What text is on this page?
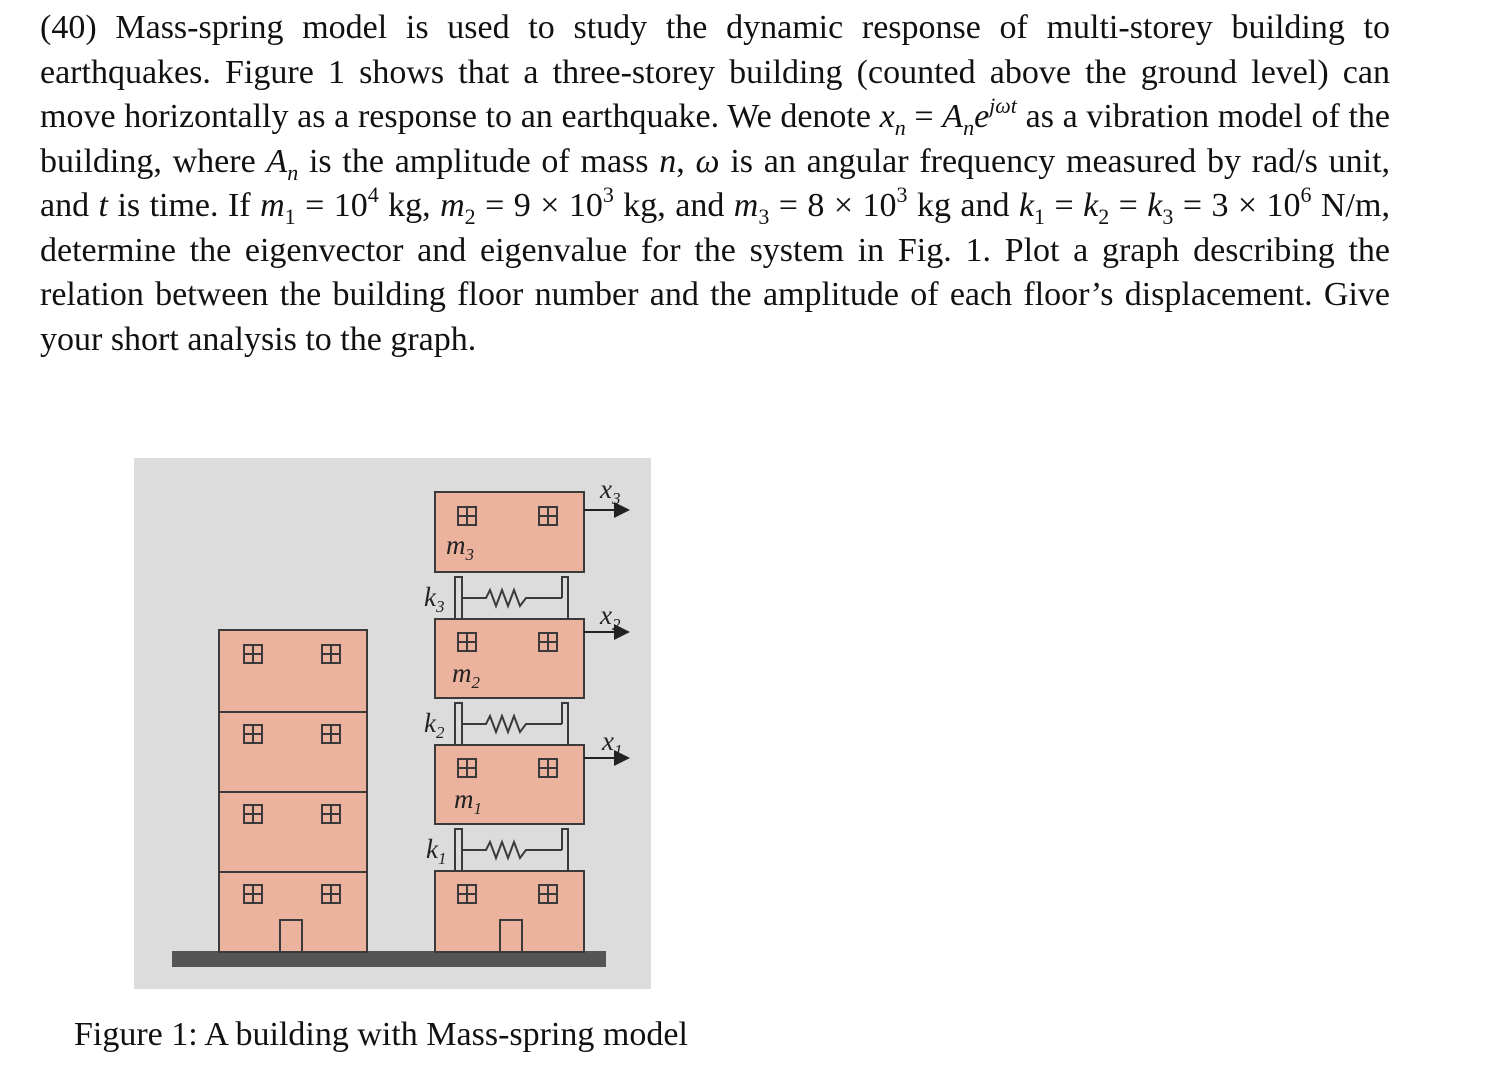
(40) Mass-spring model is used to study the dynamic response of multi-storey building to earthquakes. Figure 1 shows that a three-storey building (counted above the ground level) can move horizontally as a response to an earthquake. We denote $x_n = A_ne^{j\omega t}$ as a vibration model of the building, where $A_n$ is the amplitude of mass n, ω is an angular frequency measured by rad/s unit, and t is time. If $m_1 = 10^4$ kg, $m_2 = 9 \times 10^3$ kg, and $m_3 = 8 \times 10^3$ kg and $k_1 = k_2 = k_3 = 3 \times 10^6$ N/m, determine the eigenvector and eigenvalue for the system in Fig. 1. Plot a graph describing the relation between the building floor number and the amplitude of each floor’s displacement. Give your short analysis to the graph.

$m_1$
$m_2$
$m_3$
$k_1$
$k_2$
$k_3$
$x_1$
$x_2$
$x_3$

Figure 1: A building with Mass-spring model
